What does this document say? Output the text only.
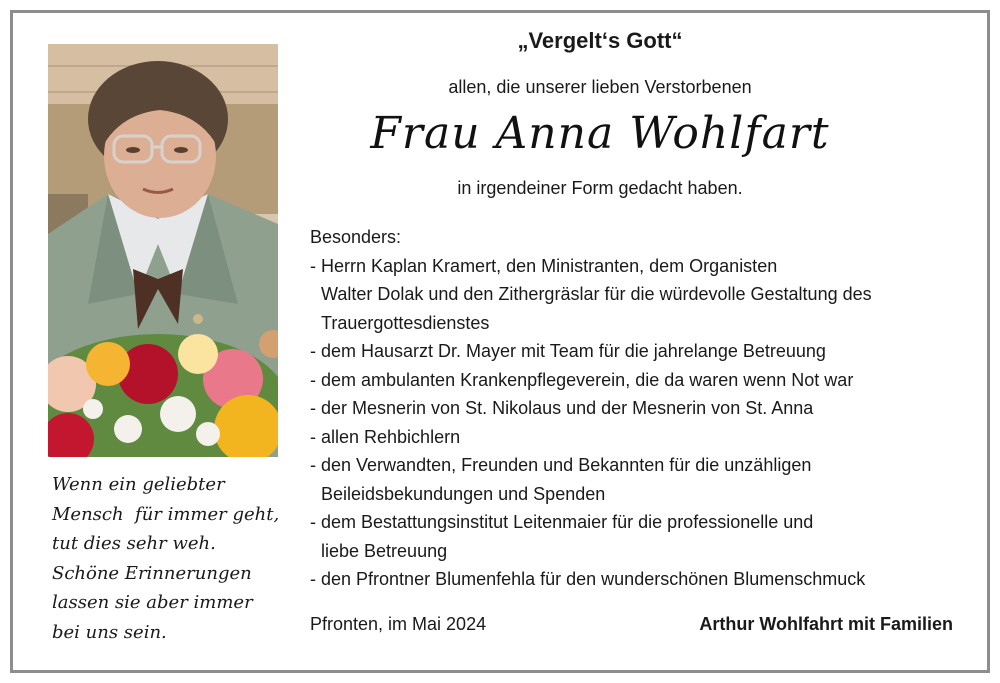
Wenn ein geliebter
Mensch  für immer geht,
tut dies sehr weh.
Schöne Erinnerungen
lassen sie aber immer
bei uns sein.
„Vergelt‘s Gott“
allen, die unserer lieben Verstorbenen
Frau Anna Wohlfart
in irgendeiner Form gedacht haben.
Besonders:
- Herrn Kaplan Kramert, den Ministranten, dem Organisten
Walter Dolak und den Zithergräslar für die würdevolle Gestaltung des
Trauergottesdienstes
- dem Hausarzt Dr. Mayer mit Team für die jahrelange Betreuung
- dem ambulanten Krankenpflegeverein, die da waren wenn Not war
- der Mesnerin von St. Nikolaus und der Mesnerin von St. Anna
- allen Rehbichlern
- den Verwandten, Freunden und Bekannten für die unzähligen
Beileidsbekundungen und Spenden
- dem Bestattungsinstitut Leitenmaier für die professionelle und
liebe Betreuung
- den Pfrontner Blumenfehla für den wunderschönen Blumenschmuck
Pfronten, im Mai 2024	Arthur Wohlfahrt mit Familien
